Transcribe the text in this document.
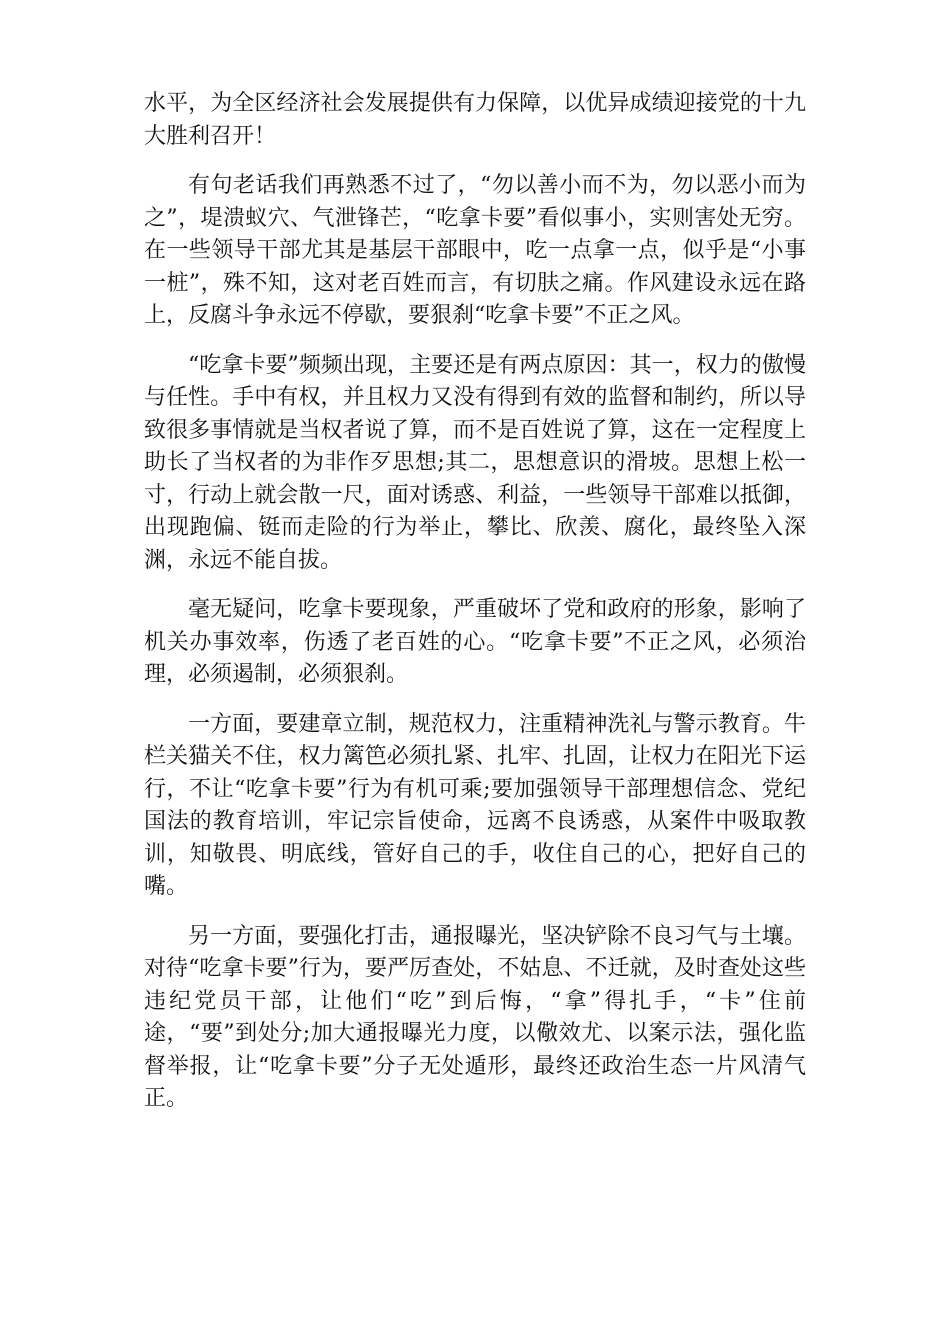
水平，为全区经济社会发展提供有力保障，以优异成绩迎接党的十九大胜利召开！

有句老话我们再熟悉不过了，“勿以善小而不为，勿以恶小而为之”，堤溃蚁穴、气泄锋芒，“吃拿卡要”看似事小，实则害处无穷。在一些领导干部尤其是基层干部眼中，吃一点拿一点，似乎是“小事一桩”，殊不知，这对老百姓而言，有切肤之痛。作风建设永远在路上，反腐斗争永远不停歇，要狠刹“吃拿卡要”不正之风。

“吃拿卡要”频频出现，主要还是有两点原因：其一，权力的傲慢与任性。手中有权，并且权力又没有得到有效的监督和制约，所以导致很多事情就是当权者说了算，而不是百姓说了算，这在一定程度上助长了当权者的为非作歹思想;其二，思想意识的滑坡。思想上松一寸，行动上就会散一尺，面对诱惑、利益，一些领导干部难以抵御，出现跑偏、铤而走险的行为举止，攀比、欣羡、腐化，最终坠入深渊，永远不能自拔。

毫无疑问，吃拿卡要现象，严重破坏了党和政府的形象，影响了机关办事效率，伤透了老百姓的心。“吃拿卡要”不正之风，必须治理，必须遏制，必须狠刹。

一方面，要建章立制，规范权力，注重精神洗礼与警示教育。牛栏关猫关不住，权力篱笆必须扎紧、扎牢、扎固，让权力在阳光下运行，不让“吃拿卡要”行为有机可乘;要加强领导干部理想信念、党纪国法的教育培训，牢记宗旨使命，远离不良诱惑，从案件中吸取教训，知敬畏、明底线，管好自己的手，收住自己的心，把好自己的嘴。

另一方面，要强化打击，通报曝光，坚决铲除不良习气与土壤。对待“吃拿卡要”行为，要严厉查处，不姑息、不迁就，及时查处这些违纪党员干部，让他们“吃”到后悔，“拿”得扎手，“卡”住前途，“要”到处分;加大通报曝光力度，以儆效尤、以案示法，强化监督举报，让“吃拿卡要”分子无处遁形，最终还政治生态一片风清气正。
